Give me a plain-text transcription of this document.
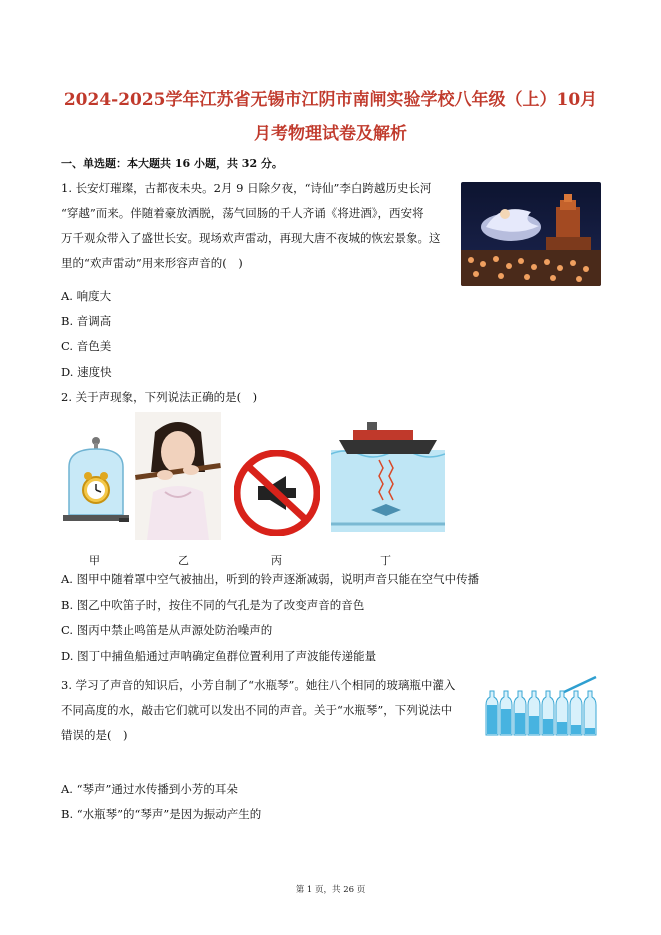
2024-2025学年江苏省无锡市江阴市南闸实验学校八年级（上）10月
月考物理试卷及解析
一、单选题：本大题共 16 小题，共 32 分。
1. 长安灯璀璨，古都夜未央。2月 9 日除夕夜，“诗仙”李白跨越历史长河
“穿越”而来。伴随着豪放洒脱，荡气回肠的千人齐诵《将进酒》，西安将
万千观众带入了盛世长安。现场欢声雷动，再现大唐不夜城的恢宏景象。这
里的“欢声雷动”用来形容声音的(　)
A. 响度大
B. 音调高
C. 音色美
D. 速度快
2. 关于声现象，下列说法正确的是(　)
甲	乙	丙	丁
A. 图甲中随着罩中空气被抽出，听到的铃声逐渐减弱，说明声音只能在空气中传播
B. 图乙中吹笛子时，按住不同的气孔是为了改变声音的音色
C. 图丙中禁止鸣笛是从声源处防治噪声的
D. 图丁中捕鱼船通过声呐确定鱼群位置利用了声波能传递能量
3. 学习了声音的知识后，小芳自制了“水瓶琴”。她往八个相同的玻璃瓶中灌入
不同高度的水，敲击它们就可以发出不同的声音。关于“水瓶琴”，下列说法中
错误的是(　)
A. “琴声”通过水传播到小芳的耳朵
B. “水瓶琴”的“琴声”是因为振动产生的
第 1 页，共 26 页
